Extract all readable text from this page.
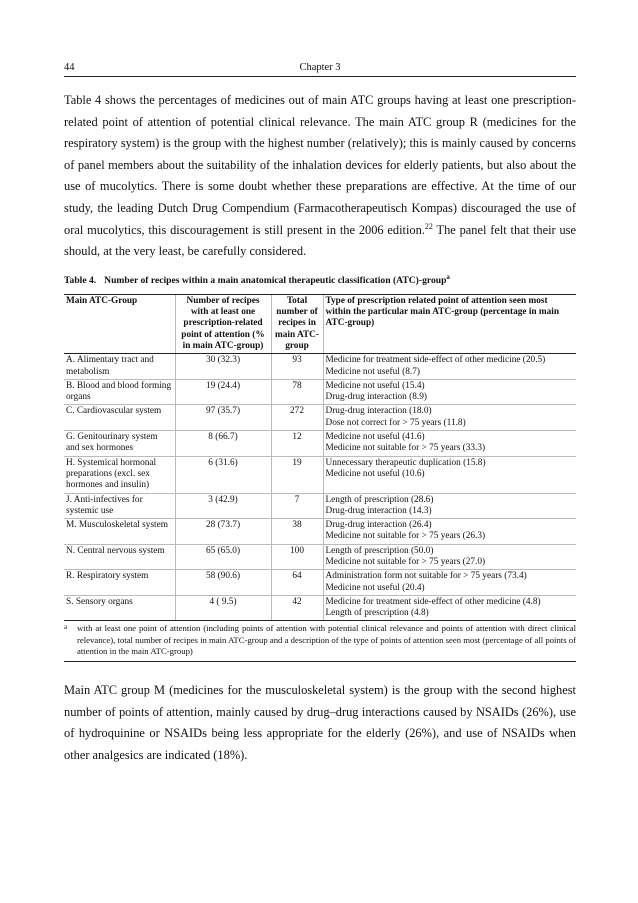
44	Chapter 3

Table 4 shows the percentages of medicines out of main ATC groups having at least one prescription-related point of attention of potential clinical relevance. The main ATC group R (medicines for the respiratory system) is the group with the highest number (relatively); this is mainly caused by concerns of panel members about the suitability of the inhalation devices for elderly patients, but also about the use of mucolytics. There is some doubt whether these preparations are effective. At the time of our study, the leading Dutch Drug Compendium (Farmacotherapeutisch Kompas) discouraged the use of oral mucolytics, this discouragement is still present in the 2006 edition.$^{22}$ The panel felt that their use should, at the very least, be carefully considered.

Table 4. Number of recipes within a main anatomical therapeutic classification (ATC)-group$^a$
Main ATC-Group	Number of recipes with at least one prescription-related point of attention (% in main ATC-group)	Total number of recipes in main ATC-group	Type of prescription related point of attention seen most within the particular main ATC-group (percentage in main ATC-group)
A. Alimentary tract and metabolism	30 (32.3)	93	Medicine for treatment side-effect of other medicine (20.5)
Medicine not useful (8.7)

B. Blood and blood forming organs	19 (24.4)	78	Medicine not useful (15.4)
Drug-drug interaction (8.9)

C. Cardiovascular system	97 (35.7)	272	Drug-drug interaction (18.0)
Dose not correct for > 75 years (11.8)

G. Genitourinary system and sex hormones	8 (66.7)	12	Medicine not useful (41.6)
Medicine not suitable for > 75 years (33.3)

H. Systemical hormonal preparations (excl. sex hormones and insulin)	6 (31.6)	19	Unnecessary therapeutic duplication (15.8)
Medicine not useful (10.6)

J. Anti-infectives for systemic use	3 (42.9)	7	Length of prescription (28.6)
Drug-drug interaction (14.3)

M. Musculoskeletal system	28 (73.7)	38	Drug-drug interaction (26.4)
Medicine not suitable for > 75 years (26.3)

N. Central nervous system	65 (65.0)	100	Length of prescription (50.0)
Medicine not suitable for > 75 years (27.0)

R. Respiratory system	58 (90.6)	64	Administration form not suitable for > 75 years (73.4)
Medicine not useful (20.4)

S. Sensory organs	4 ( 9.5)	42	Medicine for treatment side-effect of other medicine (4.8)
Length of prescription (4.8)
a	with at least one point of attention (including points of attention with potential clinical relevance and points of attention with direct clinical relevance), total number of recipes in main ATC-group and a description of the type of points of attention seen most (percentage of all points of attention in the main ATC-group)

Main ATC group M (medicines for the musculoskeletal system) is the group with the second highest number of points of attention, mainly caused by drug–drug interactions caused by NSAIDs (26%), use of hydroquinine or NSAIDs being less appropriate for the elderly (26%), and use of NSAIDs when other analgesics are indicated (18%).
